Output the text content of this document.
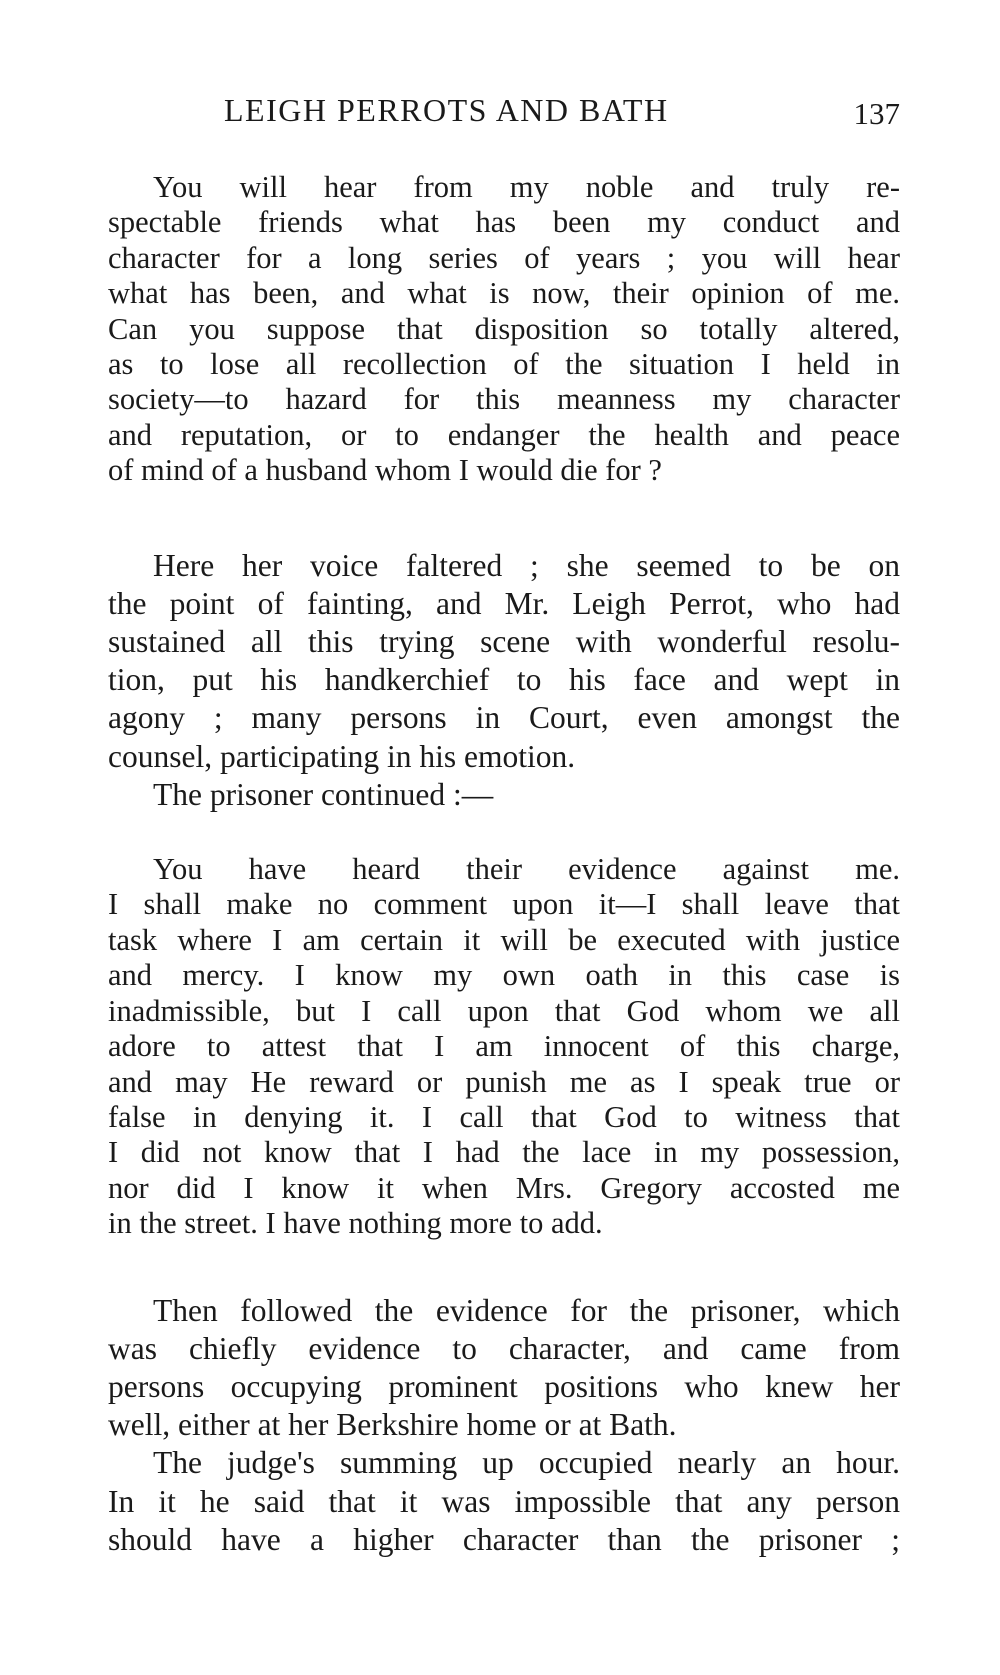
LEIGH PERROTS AND BATH	137

You will hear from my noble and truly re-
spectable friends what has been my conduct and
character for a long series of years ; you will hear
what has been, and what is now, their opinion of me.
Can you suppose that disposition so totally altered,
as to lose all recollection of the situation I held in
society—to hazard for this meanness my character
and reputation, or to endanger the health and peace
of mind of a husband whom I would die for ?

Here her voice faltered ; she seemed to be on
the point of fainting, and Mr. Leigh Perrot, who had
sustained all this trying scene with wonderful resolu-
tion, put his handkerchief to his face and wept in
agony ; many persons in Court, even amongst the
counsel, participating in his emotion.

The prisoner continued :—

You have heard their evidence against me.
I shall make no comment upon it—I shall leave that
task where I am certain it will be executed with justice
and mercy. I know my own oath in this case is
inadmissible, but I call upon that God whom we all
adore to attest that I am innocent of this charge,
and may He reward or punish me as I speak true or
false in denying it. I call that God to witness that
I did not know that I had the lace in my possession,
nor did I know it when Mrs. Gregory accosted me
in the street. I have nothing more to add.

Then followed the evidence for the prisoner, which
was chiefly evidence to character, and came from
persons occupying prominent positions who knew her
well, either at her Berkshire home or at Bath.

The judge's summing up occupied nearly an hour.
In it he said that it was impossible that any person
should have a higher character than the prisoner ;
